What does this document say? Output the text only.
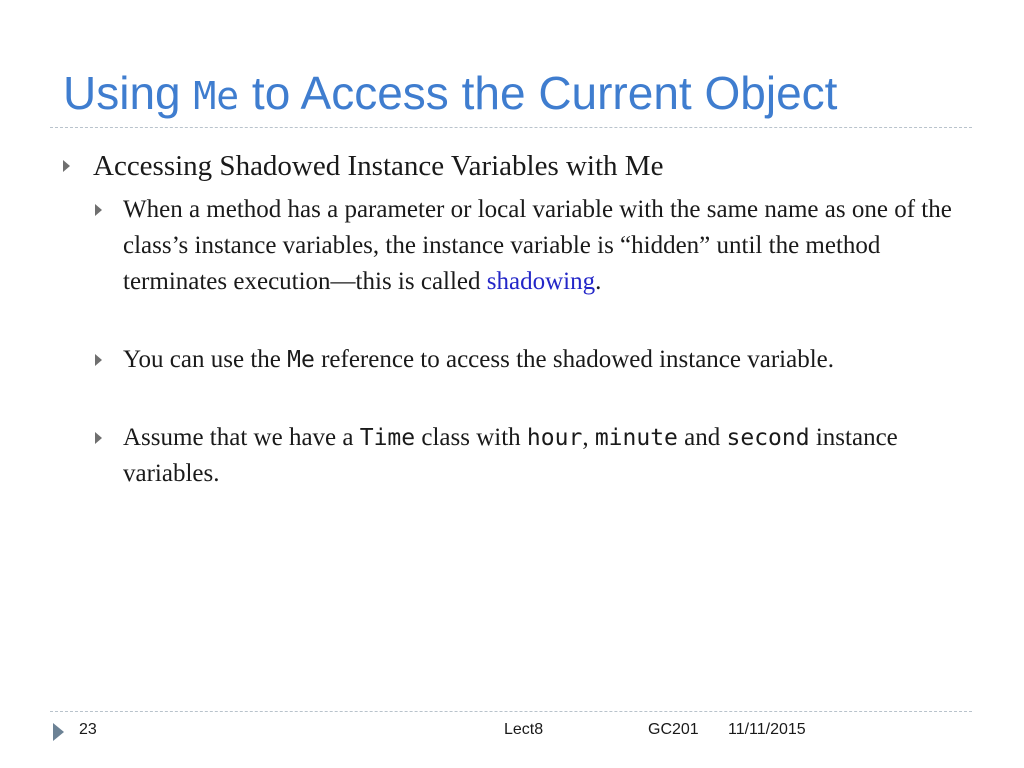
Using Me to Access the Current Object
Accessing Shadowed Instance Variables with Me

When a method has a parameter or local variable with the same name as one of the class’s instance variables, the instance variable is “hidden” until the method terminates execution—this is called shadowing.

You can use the Me reference to access the shadowed instance variable.

Assume that we have a Time class with hour, minute and second instance variables.

23	Lect8	GC201 11/11/2015
